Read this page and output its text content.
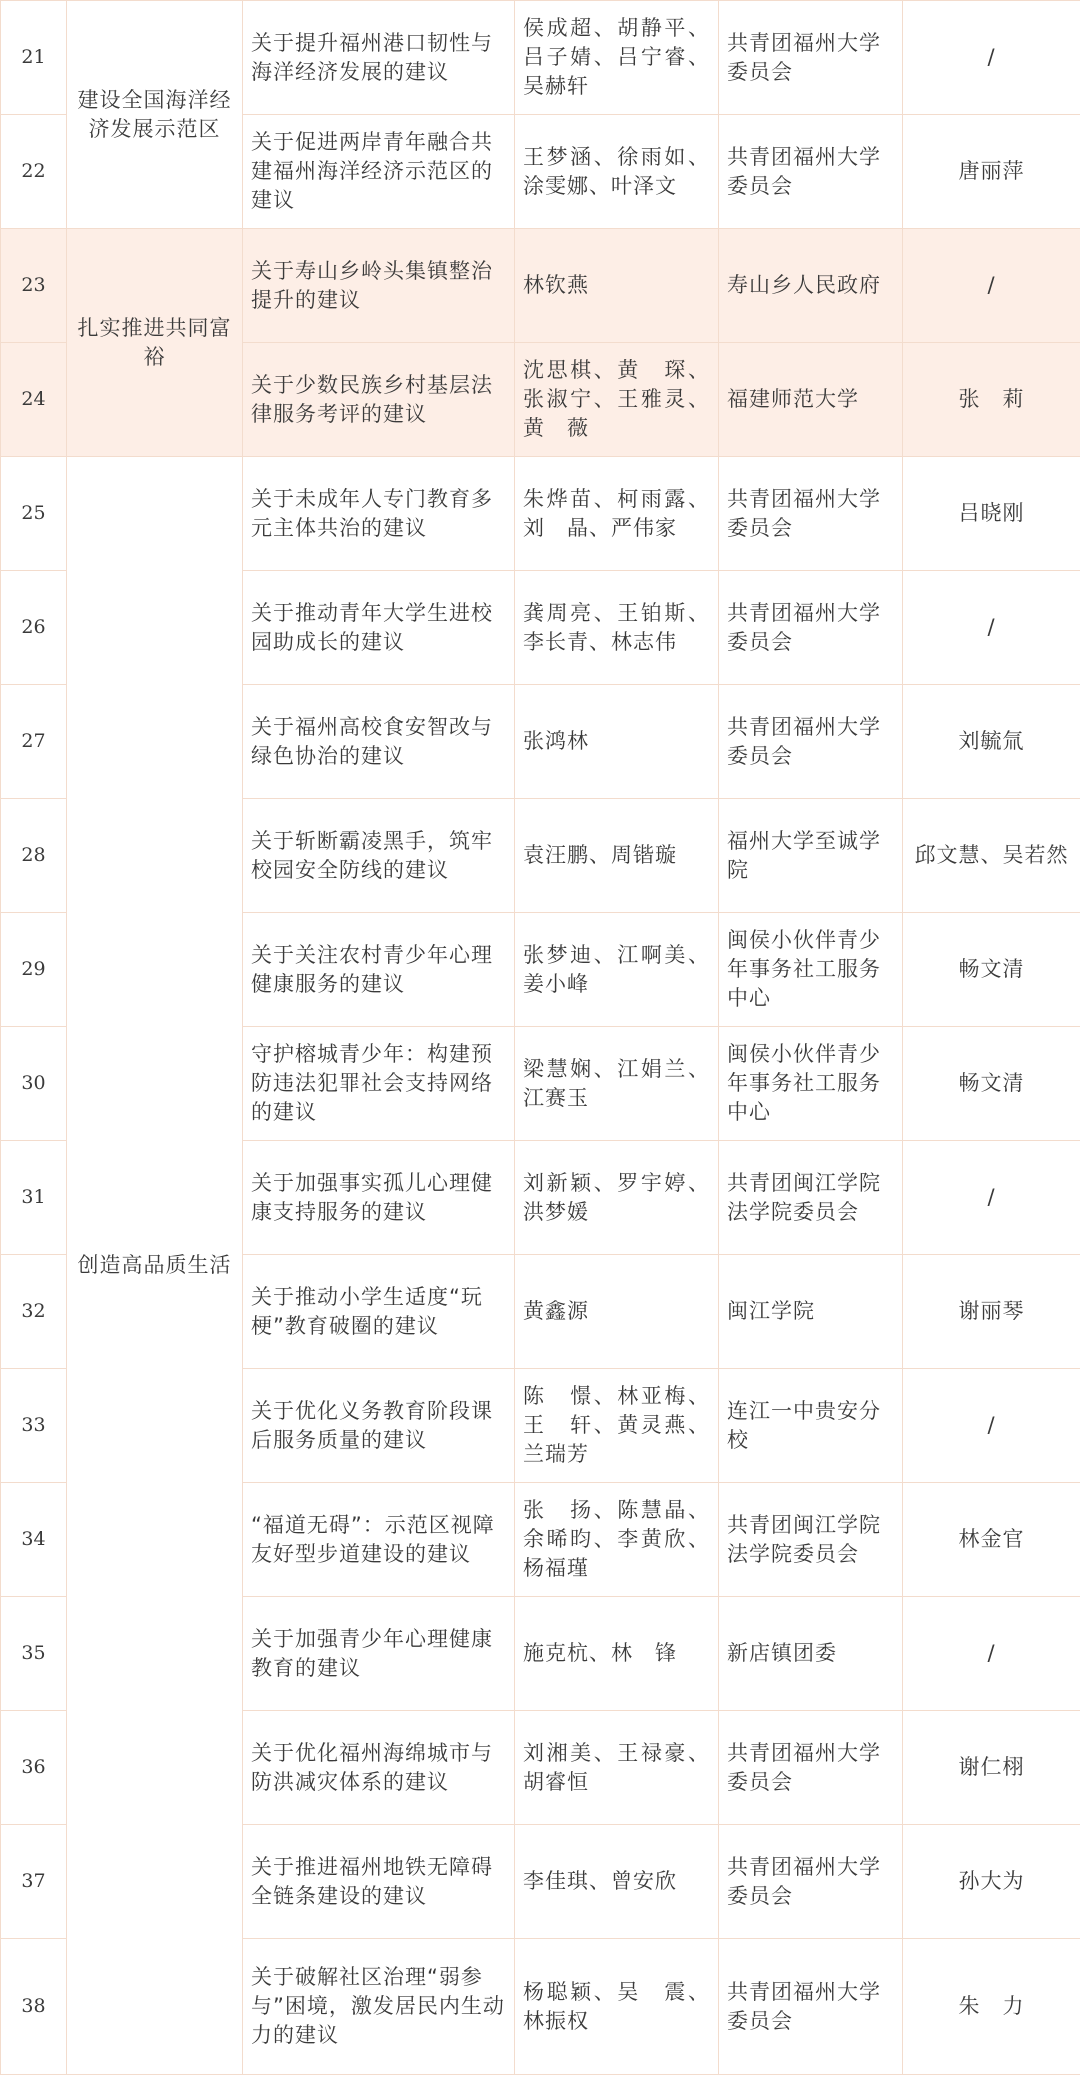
21	建设全国海洋经济发展示范区	关于提升福州港口韧性与海洋经济发展的建议	侯成超、胡静平、吕子婧、吕宁睿、吴赫轩	共青团福州大学委员会	/
22		关于促进两岸青年融合共建福州海洋经济示范区的建议	王梦涵、徐雨如、涂雯娜、叶泽文	共青团福州大学委员会	唐丽萍
23	扎实推进共同富裕	关于寿山乡岭头集镇整治提升的建议	林钦燕	寿山乡人民政府	/
24		关于少数民族乡村基层法律服务考评的建议	沈思棋、黄　琛、张淑宁、王雅灵、黄　薇	福建师范大学	张　莉
25	创造高品质生活	关于未成年人专门教育多元主体共治的建议	朱烨苗、柯雨露、刘　晶、严伟家	共青团福州大学委员会	吕晓刚
26		关于推动青年大学生进校园助成长的建议	龚周亮、王铂斯、李长青、林志伟	共青团福州大学委员会	/
27		关于福州高校食安智改与绿色协治的建议	张鸿林	共青团福州大学委员会	刘毓氚
28		关于斩断霸凌黑手，筑牢校园安全防线的建议	袁汪鹏、周锴璇	福州大学至诚学院	邱文慧、吴若然
29		关于关注农村青少年心理健康服务的建议	张梦迪、江啊美、姜小峰	闽侯小伙伴青少年事务社工服务中心	畅文清
30		守护榕城青少年：构建预防违法犯罪社会支持网络的建议	梁慧娴、江娟兰、江赛玉	闽侯小伙伴青少年事务社工服务中心	畅文清
31		关于加强事实孤儿心理健康支持服务的建议	刘新颖、罗宇婷、洪梦媛	共青团闽江学院法学院委员会	/
32		关于推动小学生适度“玩梗”教育破圈的建议	黄鑫源	闽江学院	谢丽琴
33		关于优化义务教育阶段课后服务质量的建议	陈　憬、林亚梅、王　轩、黄灵燕、兰瑞芳	连江一中贵安分校	/
34		“福道无碍”：示范区视障友好型步道建设的建议	张　扬、陈慧晶、余晞昀、李黄欣、杨福瑾	共青团闽江学院法学院委员会	林金官
35		关于加强青少年心理健康教育的建议	施克杭、林　锋	新店镇团委	/
36		关于优化福州海绵城市与防洪减灾体系的建议	刘湘美、王禄豪、胡睿恒	共青团福州大学委员会	谢仁栩
37		关于推进福州地铁无障碍全链条建设的建议	李佳琪、曾安欣	共青团福州大学委员会	孙大为
38		关于破解社区治理“弱参与”困境，激发居民内生动力的建议	杨聪颖、吴　震、林振权	共青团福州大学委员会	朱　力
